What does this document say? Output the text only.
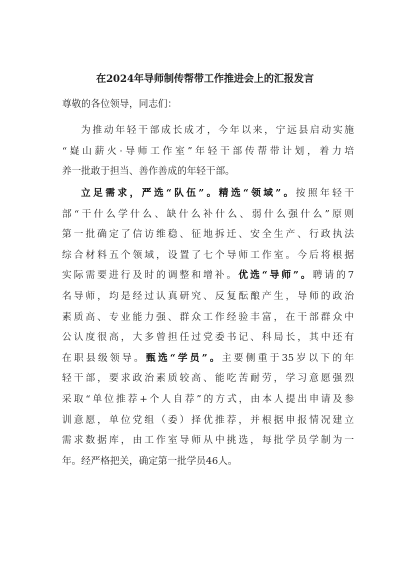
在2024年导师制传帮带工作推进会上的汇报发言
尊敬的各位领导，同志们：
为推动年轻干部成长成才，今年以来，宁远县启动实施
“嶷山薪火·导师工作室”年轻干部传帮带计划，着力培
养一批敢于担当、善作善成的年轻干部。
立足需求，严选“队伍”。精选“领域”。按照年轻干
部“干什么学什么、缺什么补什么、弱什么强什么”原则
第一批确定了信访维稳、征地拆迁、安全生产、行政执法
综合材料五个领域，设置了七个导师工作室。今后将根据
实际需要进行及时的调整和增补。优选“导师”。聘请的7
名导师，均是经过认真研究、反复酝酿产生，导师的政治
素质高、专业能力强、群众工作经验丰富，在干部群众中
公认度很高，大多曾担任过党委书记、科局长，其中还有
在职县级领导。甄选“学员”。主要侧重于35岁以下的年
轻干部，要求政治素质较高、能吃苦耐劳，学习意愿强烈
采取“单位推荐+个人自荐”的方式，由本人提出申请及参
训意愿，单位党组（委）择优推荐，并根据申报情况建立
需求数据库，由工作室导师从中挑选，每批学员学制为一
年。经严格把关，确定第一批学员46人。
